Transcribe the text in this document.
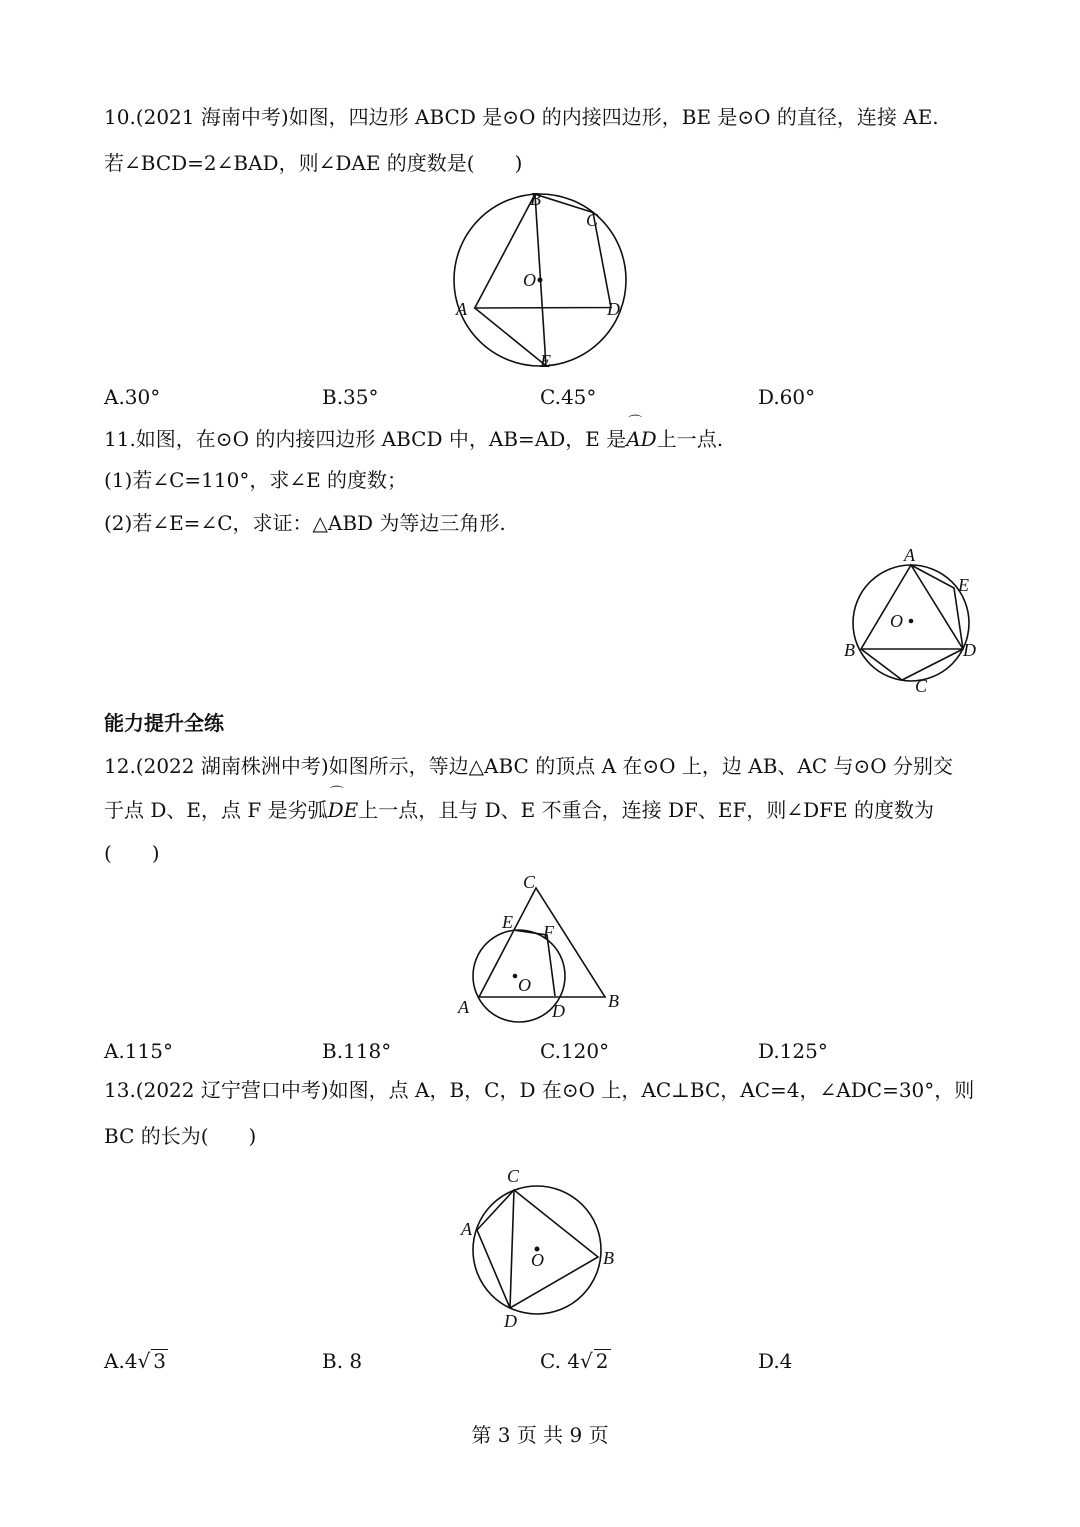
10.(2021 海南中考)如图，四边形 ABCD 是⊙O 的内接四边形，BE 是⊙O 的直径，连接 AE.
若∠BCD=2∠BAD，则∠DAE 的度数是(　　)
B
C
D
A
E
O
A.30°	B.35°	C.45°	D.60°
11.如图，在⊙O 的内接四边形 ABCD 中，AB=AD，E 是⌒ AD上一点.
(1)若∠C=110°，求∠E 的度数；
(2)若∠E=∠C，求证：△ABD 为等边三角形.
A
E
B	D
C
O
能力提升全练
12.(2022 湖南株洲中考)如图所示，等边△ABC 的顶点 A 在⊙O 上，边 AB、AC 与⊙O 分别交
于点 D、E，点 F 是劣弧⌒ DE上一点，且与 D、E 不重合，连接 DF、EF，则∠DFE 的度数为
(　　)
C
E F
O
A	D B
A.115°	B.118°	C.120°	D.125°
13.(2022 辽宁营口中考)如图，点 A，B，C，D 在⊙O 上，AC⊥BC，AC=4，∠ADC=30°，则
BC 的长为(　　)
C
A
B
O
D
A.4√ 3	B. 8	C. 4√ 2	D.4
第 3 页 共 9 页
